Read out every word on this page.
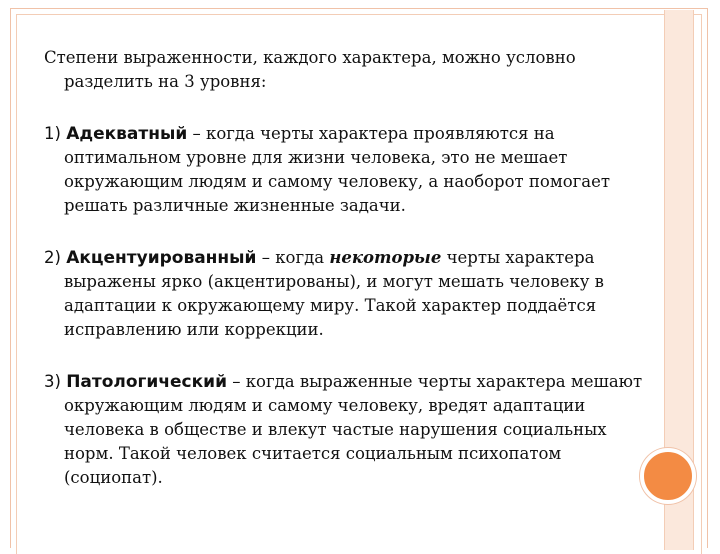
Степени выраженности, каждого характера, можно условно разделить на 3 уровня:

1) Адекватный – когда черты характера проявляются на оптимальном уровне для жизни человека, это не мешает окружающим людям и самому человеку, а наоборот помогает решать различные жизненные задачи.

2) Акцентуированный – когда некоторые черты характера выражены ярко (акцентированы), и могут мешать человеку в адаптации к окружающему миру. Такой характер поддаётся исправлению или коррекции.

3) Патологический – когда выраженные черты характера мешают окружающим людям и самому человеку, вредят адаптации человека в обществе и влекут частые нарушения социальных норм. Такой человек считается социальным психопатом (социопат).
